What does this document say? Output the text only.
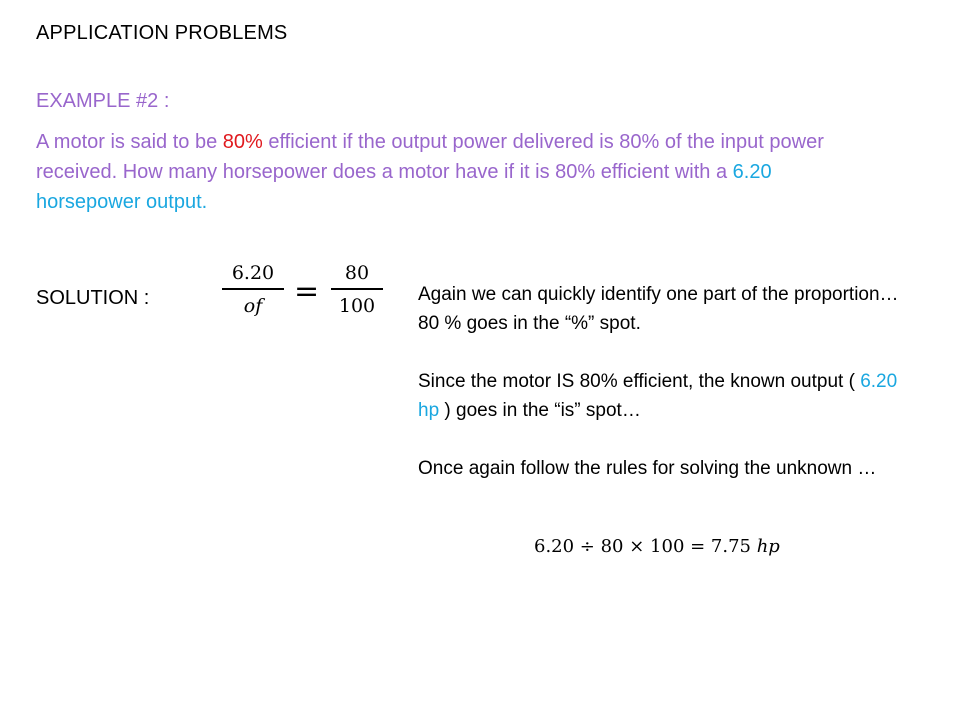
APPLICATION PROBLEMS
EXAMPLE #2 :
A motor is said to be 80% efficient if the output power delivered is 80% of the input power received. How many horsepower does a motor have if it is 80% efficient with a 6.20 horsepower output.
SOLUTION :
6.20
of	=
80
100	Again we can quickly identify one part of the proportion… 80 % goes in the “%” spot.
Since the motor IS 80% efficient, the known output ( 6.20 hp ) goes in the “is” spot…
Once again follow the rules for solving the unknown …
6.20 ÷ 80 × 100 = 7.75 hp
